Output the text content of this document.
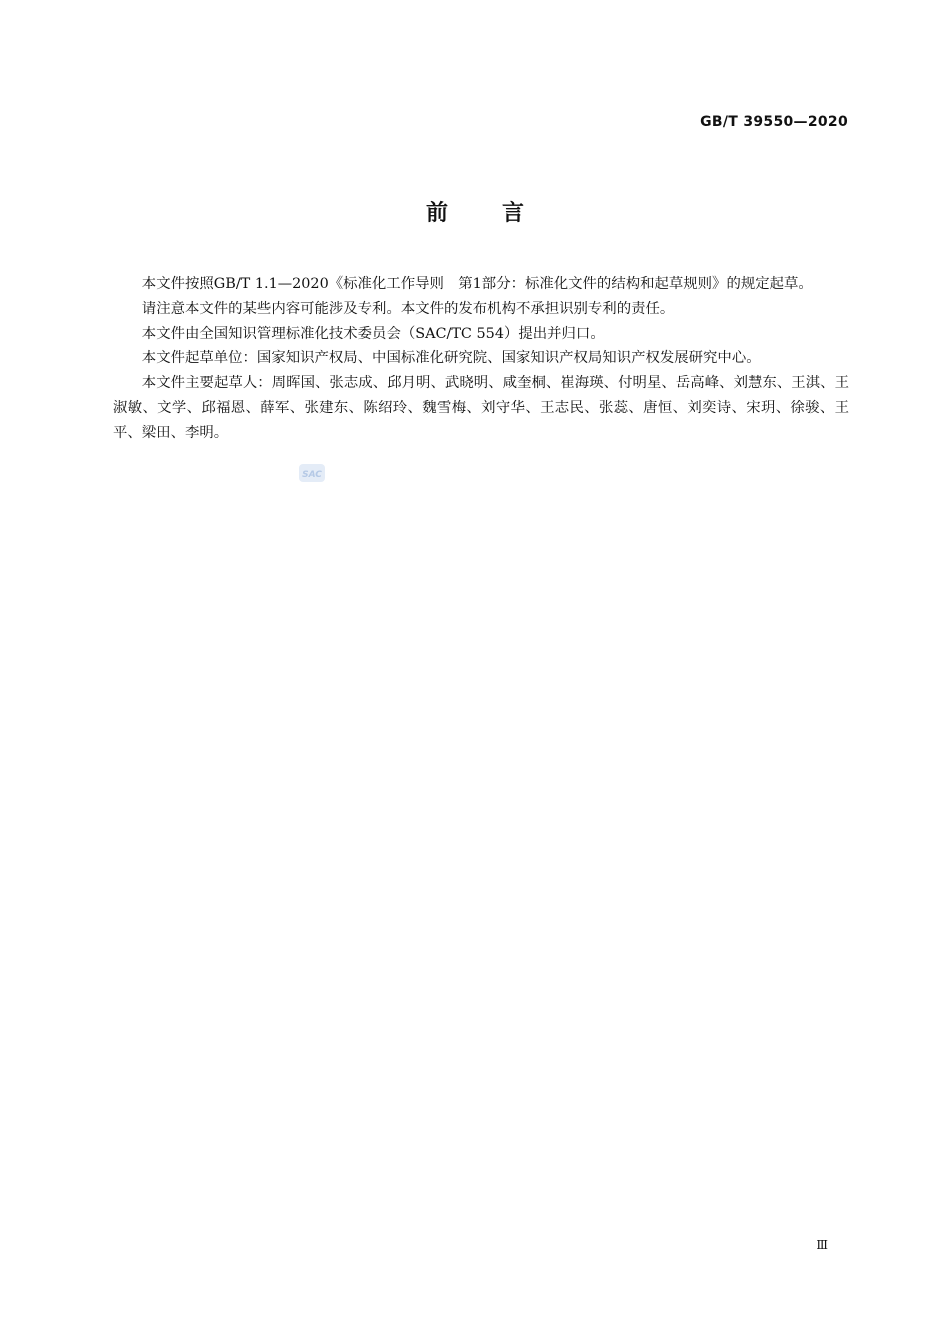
GB/T 39550—2020
前 言

本文件按照GB/T 1.1—2020《标准化工作导则　第1部分：标准化文件的结构和起草规则》的规定起草。

请注意本文件的某些内容可能涉及专利。本文件的发布机构不承担识别专利的责任。

本文件由全国知识管理标准化技术委员会（SAC/TC 554）提出并归口。

本文件起草单位：国家知识产权局、中国标准化研究院、国家知识产权局知识产权发展研究中心。

本文件主要起草人：周晖国、张志成、邱月明、武晓明、咸奎桐、崔海瑛、付明星、岳高峰、刘慧东、王淇、王淑敏、文学、邱福恩、薛军、张建东、陈绍玲、魏雪梅、刘守华、王志民、张蕊、唐恒、刘奕诗、宋玥、徐骏、王平、梁田、李明。

SAC
Ⅲ
